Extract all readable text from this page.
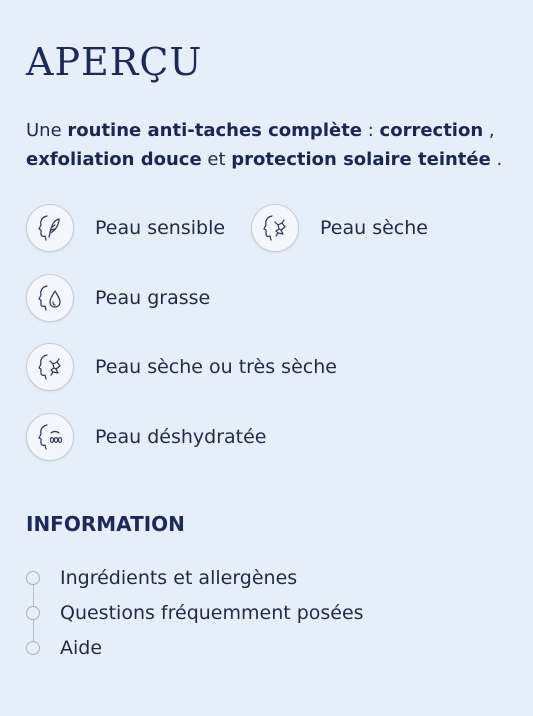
APERÇU

Une routine anti-taches complète : correction , exfoliation douce et protection solaire teintée .

Peau sensible	Peau sèche
Peau grasse
Peau sèche ou très sèche
Peau déshydratée
INFORMATION
Ingrédients et allergènes
Questions fréquemment posées
Aide
